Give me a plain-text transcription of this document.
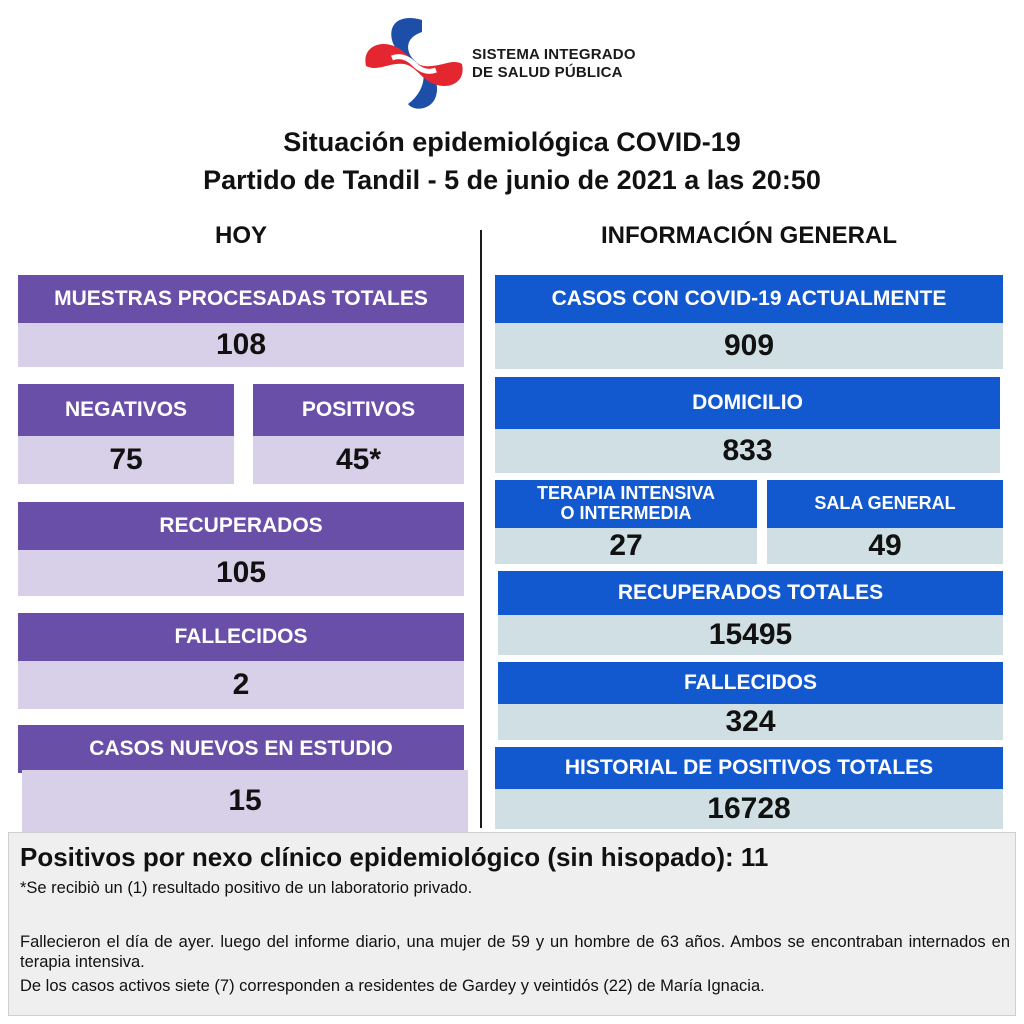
SISTEMA INTEGRADO
DE SALUD PÚBLICA
Situación epidemiológica COVID-19
Partido de Tandil - 5 de junio de 2021 a las 20:50
HOY	INFORMACIÓN GENERAL
MUESTRAS PROCESADAS TOTALES
108
NEGATIVOS
75
POSITIVOS
45*
RECUPERADOS
105
FALLECIDOS
2
CASOS NUEVOS EN ESTUDIO
15
CASOS CON COVID-19 ACTUALMENTE
909
DOMICILIO
833
TERAPIA INTENSIVA
O INTERMEDIA
27
SALA GENERAL
49
RECUPERADOS TOTALES
15495
FALLECIDOS
324
HISTORIAL DE POSITIVOS TOTALES
16728
Positivos por nexo clínico epidemiológico (sin hisopado): 11
*Se recibiò un (1) resultado positivo de un laboratorio privado.
Fallecieron el día de ayer. luego del informe diario, una mujer de 59 y un hombre de 63 años. Ambos se encontraban internados en terapia intensiva.
De los casos activos siete (7) corresponden a residentes de Gardey y veintidós (22) de María Ignacia.
